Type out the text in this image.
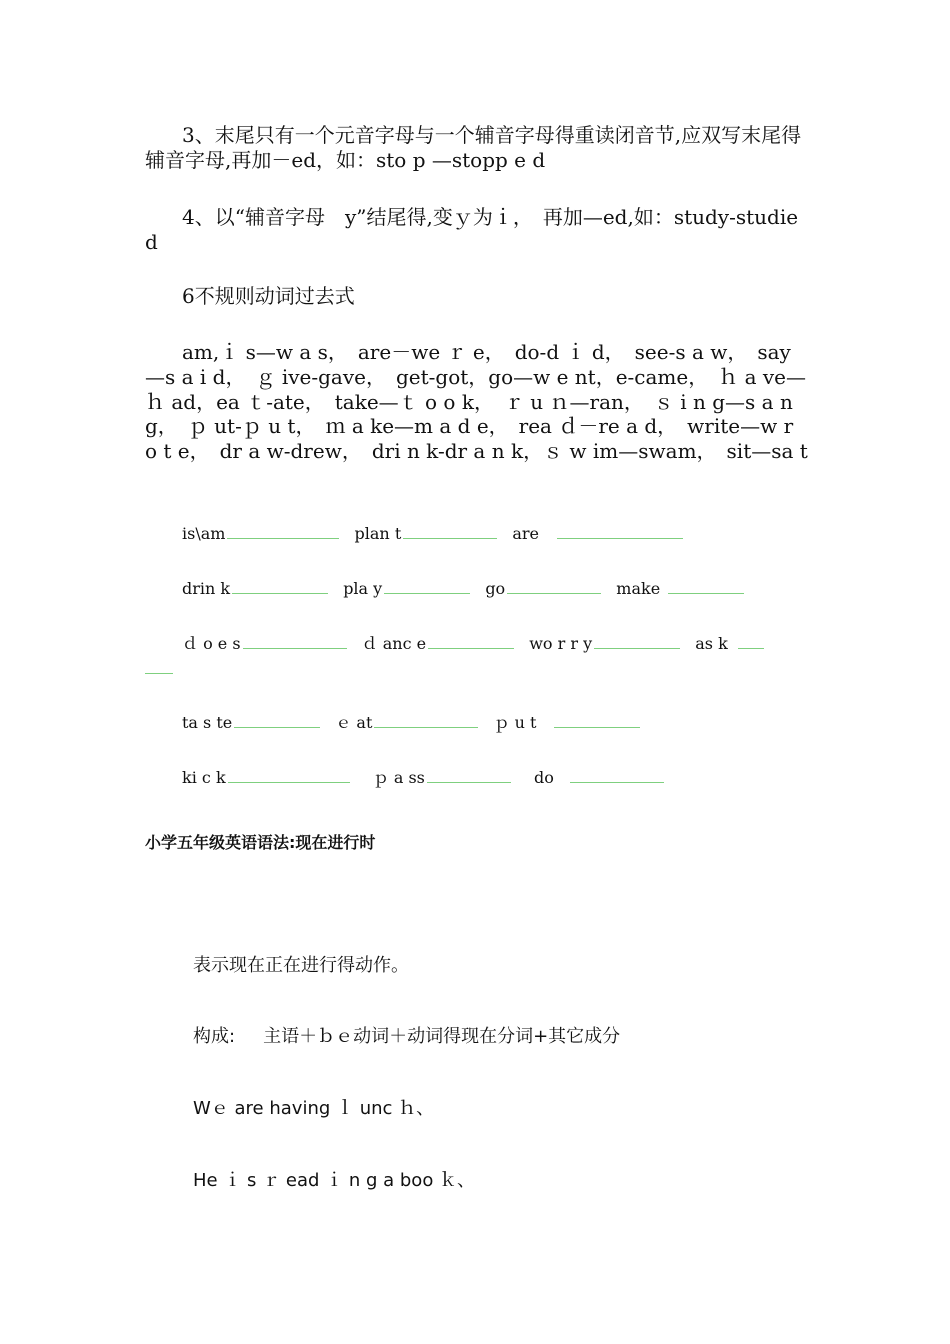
3、末尾只有一个元音字母与一个辅音字母得重读闭音节,应双写末尾得辅音字母,再加－ed，如：sto p —stopp e d

4、以“辅音字母　y”结尾得,变ｙ为ｉ，　再加—ed,如：study-studied

6不规则动词过去式

am,ｉ s—w a s，　are－we ｒ e，　do-d ｉ d，　see-s a w，　say—s a i d，　ｇ ive-gave，　get-got，go—w e nt，e-came，　ｈ a ve—ｈ ad，ea ｔ-ate，　take—ｔ o o k，　ｒ u ｎ—ran，　ｓ i n g—s a n g，　ｐ ut-ｐ u t，　ｍ a ke—m a d e，　rea ｄ－re a d，　write—w r o t e，　dr a w-drew，　dri n k-dr a n k，ｓ w im—swam，　sit—sa t

is\am	plan t	are
drin k	pla y	go	make
ｄ o e s	ｄ anc e	wo r r y	as k
ta s te	ｅ at	ｐ u t
ki c k	ｐ a ss	do
小学五年级英语语法:现在进行时
表示现在正在进行得动作。
构成: 主语＋ｂｅ动词＋动词得现在分词+其它成分
Wｅ are having ｌ unc ｈ、
He ｉ s ｒ ead ｉ n g a boo ｋ、
